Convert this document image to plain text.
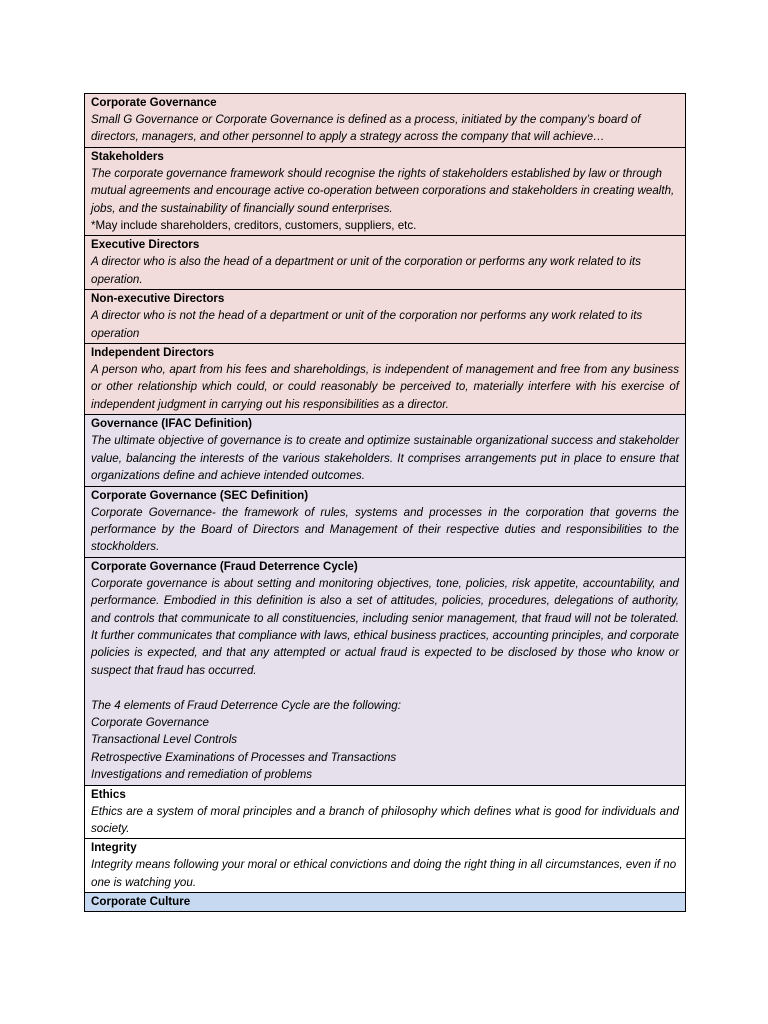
Corporate Governance
Small G Governance or Corporate Governance is defined as a process, initiated by the company’s board of directors, managers, and other personnel to apply a strategy across the company that will achieve…

Stakeholders
The corporate governance framework should recognise the rights of stakeholders established by law or through mutual agreements and encourage active co-operation between corporations and stakeholders in creating wealth, jobs, and the sustainability of financially sound enterprises.
*May include shareholders, creditors, customers, suppliers, etc.

Executive Directors
A director who is also the head of a department or unit of the corporation or performs any work related to its operation.

Non-executive Directors
A director who is not the head of a department or unit of the corporation nor performs any work related to its operation

Independent Directors
A person who, apart from his fees and shareholdings, is independent of management and free from any business or other relationship which could, or could reasonably be perceived to, materially interfere with his exercise of independent judgment in carrying out his responsibilities as a director.

Governance (IFAC Definition)
The ultimate objective of governance is to create and optimize sustainable organizational success and stakeholder value, balancing the interests of the various stakeholders. It comprises arrangements put in place to ensure that organizations define and achieve intended outcomes.

Corporate Governance (SEC Definition)
Corporate Governance- the framework of rules, systems and processes in the corporation that governs the performance by the Board of Directors and Management of their respective duties and responsibilities to the stockholders.

Corporate Governance (Fraud Deterrence Cycle)
Corporate governance is about setting and monitoring objectives, tone, policies, risk appetite, accountability, and performance. Embodied in this definition is also a set of attitudes, policies, procedures, delegations of authority, and controls that communicate to all constituencies, including senior management, that fraud will not be tolerated. It further communicates that compliance with laws, ethical business practices, accounting principles, and corporate policies is expected, and that any attempted or actual fraud is expected to be disclosed by those who know or suspect that fraud has occurred.
The 4 elements of Fraud Deterrence Cycle are the following:
Corporate Governance
Transactional Level Controls
Retrospective Examinations of Processes and Transactions
Investigations and remediation of problems

Ethics
Ethics are a system of moral principles and a branch of philosophy which defines what is good for individuals and society.

Integrity
Integrity means following your moral or ethical convictions and doing the right thing in all circumstances, even if no one is watching you.

Corporate Culture
